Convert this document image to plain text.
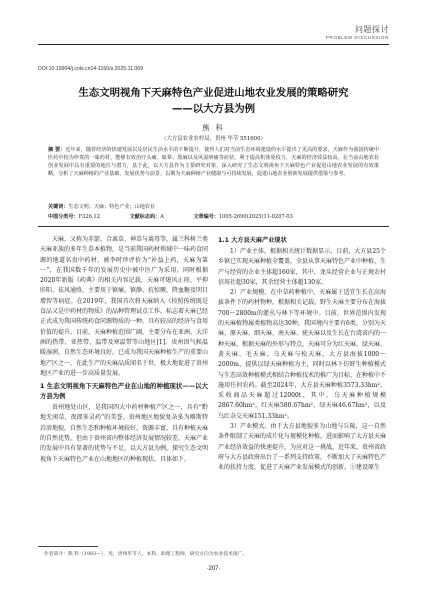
问题探讨
PROBLEM DISCUSSION
DOI:10.19904/j.cnki.cn14-1160/s.2025.11.069
生态文明视角下天麻特色产业促进山地农业发展的策略研究
——以大方县为例
熊 科
（大方县农业农村局，贵州 毕节 551600）
摘 要：近年来，随着经济的快速发展以及居民生活水平的不断提升，使得人们对当前生态环境建设的水平提出了更高的要求，天麻作为我国传统中医药中较为珍贵的一味药材，能够有效治疗头痛、眩晕、肢麻以及风湿痹痛等症状，利于提高机体免疫力，天麻的经济效益较高。在当前山地农业创业发展中具有重要的地位与潜力，基于此，以大方县作为主要研究对象，深入研究了生态文明视角下天麻特色产业促进山地农业发展的有效策略，分析了天麻种植的产业基础、发展优势与前景，以期为天麻种植产业健康与可持续发展，促进山地农业创新发展提供借鉴与参考。
关键词：生态文明；天麻；特色产业；山地农业
中图分类号：F326.12	文献标志码：A	文章编号：1005-2690(2025)11-0207-03

天麻，又称为赤箭、合离草、神草与离母等，属兰科树兰类天麻亚族的多年生草本植物，是当前我国药材领域中一味药食同源的地道名贵中药材，被李时珍评价为“补益上药，天麻为第一”，在我国数千年的发展历史中被中医广为采用，同时根据2020年新版《药典》的相关内容记载，天麻可熄风止痉、平抑肝阳、祛风通络，主要用于镇痛、镇静、抗惊厥、降血糖及明目增智等病症。在2019年，我国首次将天麻纳入《按照传统既是食品又是中药材的物质》的品种管理试点工作，标志着天麻已经正式成为我国传统药食同源物质的一种，具有较高的经济与食用价值的提升。目前，天麻种植范围广阔，主要分布在亚洲、大洋洲的热带、亚热带、温带及寒温带等山地区[1]。贵州因气候温暖湿润，自然生态环境良好，已成为我国天麻种植生产的重要山地产区之一，在此生产的天麻品质闻名于世，极大地促进了贵州地区产业的进一步高质量发展。

1 生态文明视角下天麻特色产业在山地的种植现状——以大方县为例

贵州地处山区，是我国四大中药材种植产区之一，具有“黔地无闲草，夜郎多灵药”的美誉。贵州地区地貌复杂多为喀斯特岩溶地貌，自然生态和种植环境较好，资源丰富，具有种植天麻的自然优势，但由于贵州省内整体经济发展情况较差，天麻产业的发展中具有显著的优势与不足，以大方县为例，探究生态文明视角下天麻特色产业在山地地区的种植现状，具体如下。

1.1 大方县天麻产业现状

1）产业主体。根据相关统计数据显示，目前，大方县25个乡镇已实现天麻种植全覆盖，全县从事天麻特色产业中种植、生产与经营的企业主体超160家，其中，龙头经营企业与正规农村信用社超30家，其余经营主体超130家。

2）产业规模。在中草药种植中，天麻属于适宜生长在高海拔条件下的药材物种，根据相关记载，野生天麻主要分布在海拔700～2800m的灌丛与林下等环境中。目前，世界范围内发现的天麻植物属类植物高达30种，我国境内主要有6类，分别为天麻、原天麻、细天麻、南天麻、疣天麻以及生长在台湾省内的一种天麻，根据天麻的外形与特点，天麻可分为红天麻、绿天麻、黄天麻、毛天麻、乌天麻与松天麻，大方县海拔1000～2000m，提供以绿天麻种植为主，同时以林下仿野生种植模式与生态高效种植模式相结合种植技术的推广为目标，在种植中不施用任何农药。截至2024年，大方县天麻种植3573.33hm²，采收商品天麻超过12000t，其中，乌天麻种植规模2867.60hm²，红天麻580.67hm²，绿天麻46.67hm²，以及乌红杂交天麻151.33hm²。

3）产业模式。由于大方县地貌多为山地与丘陵，这一自然条件限制了天麻的成片化与规模化种植，进而影响了大方县天麻产业经济效益的快速提升，为应对这一挑战，近年来，贵州省政府与大方县政府出台了一系列支持政策，不断加大了天麻特色产业的扶持力度，促进了天麻产业发展模式的创新。①建设原生

作者简介：熊 科（1983—），男，贵州毕节人，本科，助理工程师，研究方向为农业技术推广。
·207·
